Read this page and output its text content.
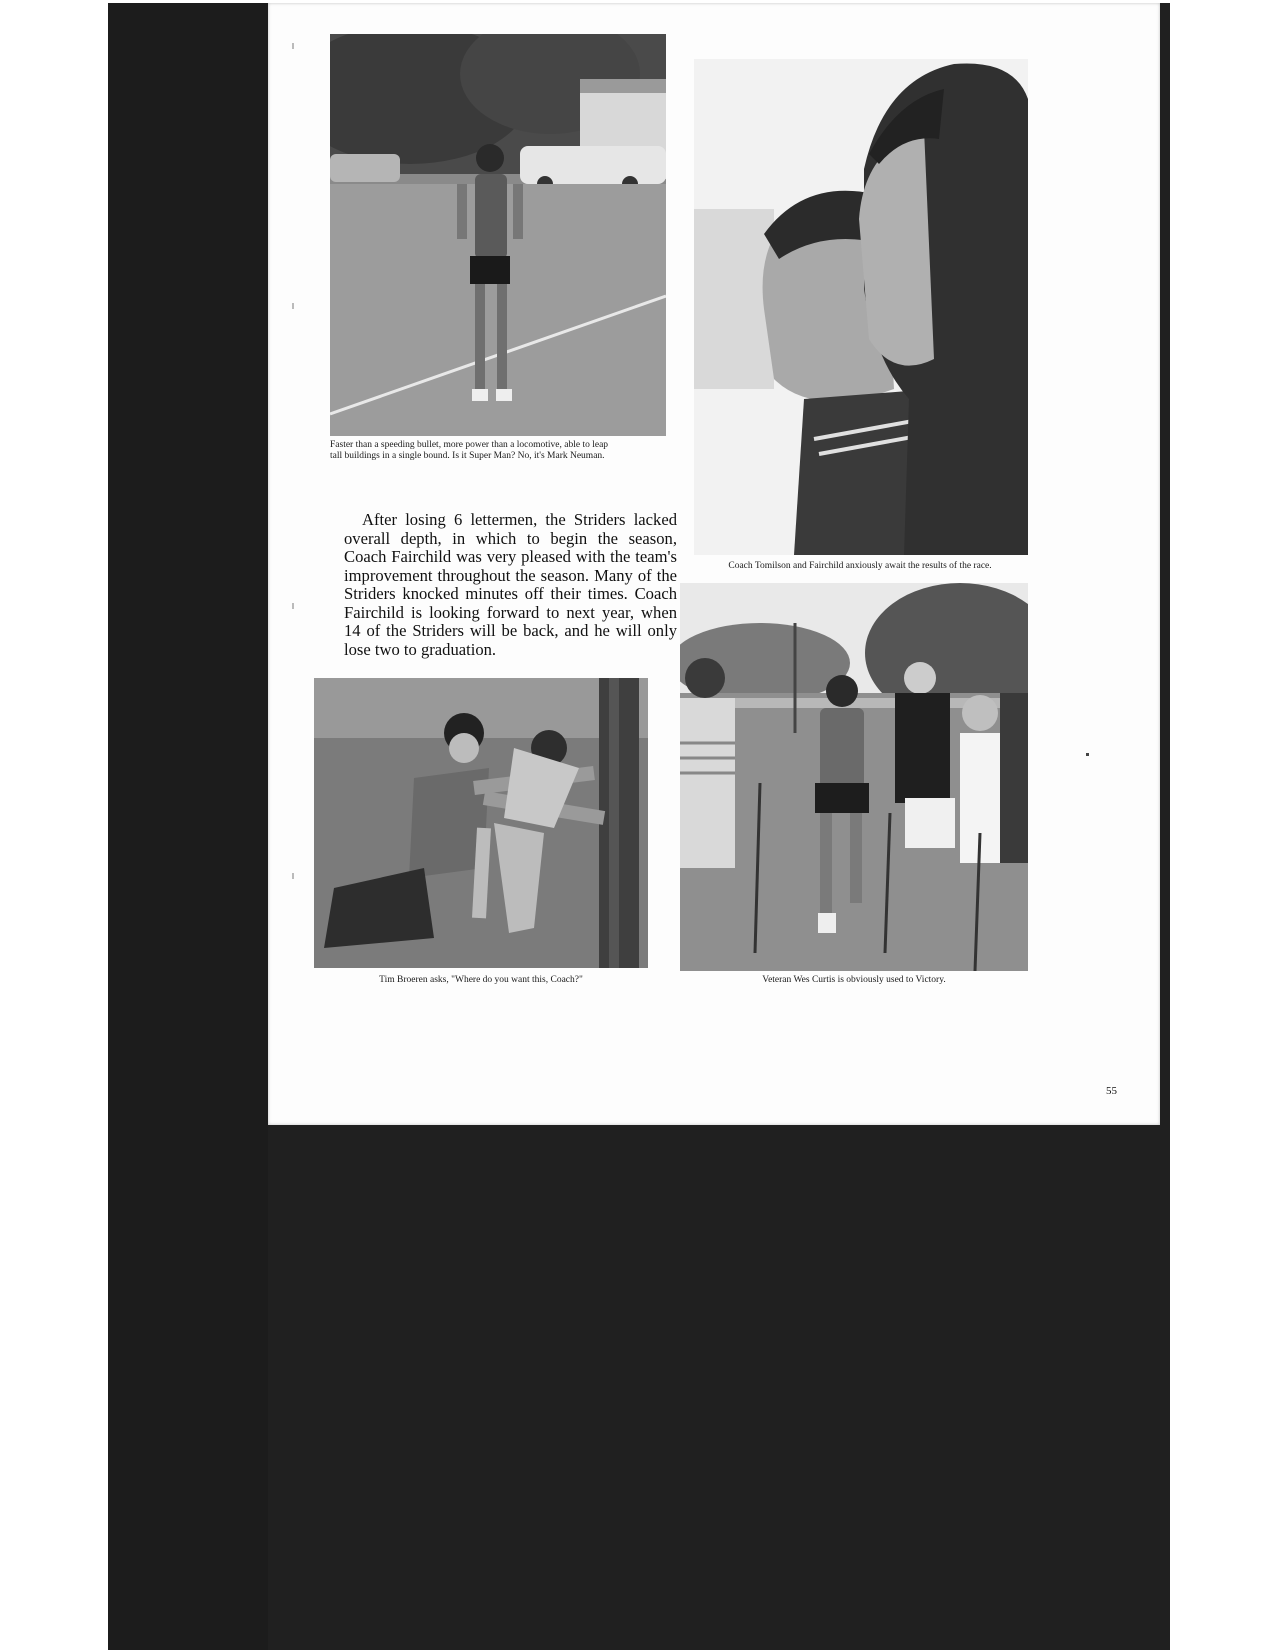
Faster than a speeding bullet, more power than a locomotive, able to leap
tall buildings in a single bound. Is it Super Man? No, it's Mark Neuman.
After losing 6 lettermen, the Striders lacked overall depth, in which to begin the season, Coach Fairchild was very pleased with the team's improvement throughout the season. Many of the Striders knocked minutes off their times. Coach Fairchild is looking forward to next year, when 14 of the Striders will be back, and he will only lose two to graduation.
Coach Tomilson and Fairchild anxiously await the results of the race.
Tim Broeren asks, "Where do you want this, Coach?"	Veteran Wes Curtis is obviously used to Victory.
55
